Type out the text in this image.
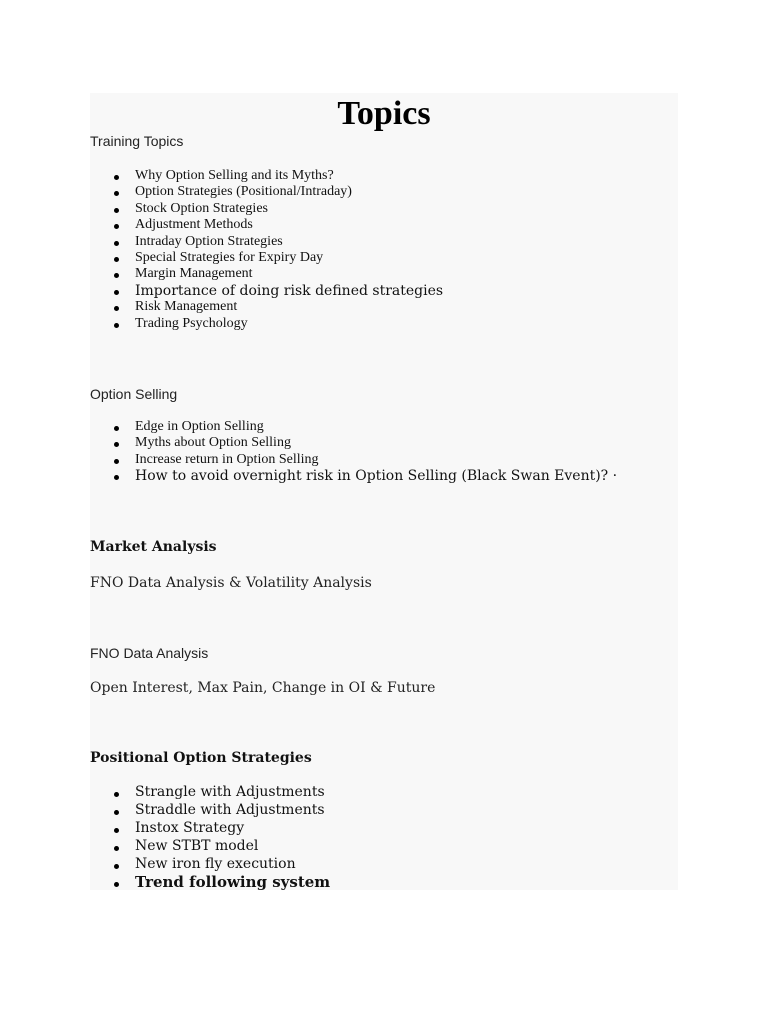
Topics
Training Topics
Why Option Selling and its Myths?
Option Strategies (Positional/Intraday)
Stock Option Strategies
Adjustment Methods
Intraday Option Strategies
Special Strategies for Expiry Day
Margin Management
Importance of doing risk defined strategies
Risk Management
Trading Psychology
Option Selling
Edge in Option Selling
Myths about Option Selling
Increase return in Option Selling
How to avoid overnight risk in Option Selling (Black Swan Event)? ·
Market Analysis
FNO Data Analysis & Volatility Analysis
FNO Data Analysis
Open Interest, Max Pain, Change in OI & Future
Positional Option Strategies
Strangle with Adjustments
Straddle with Adjustments
Instox Strategy
New STBT model
New iron fly execution
Trend following system
